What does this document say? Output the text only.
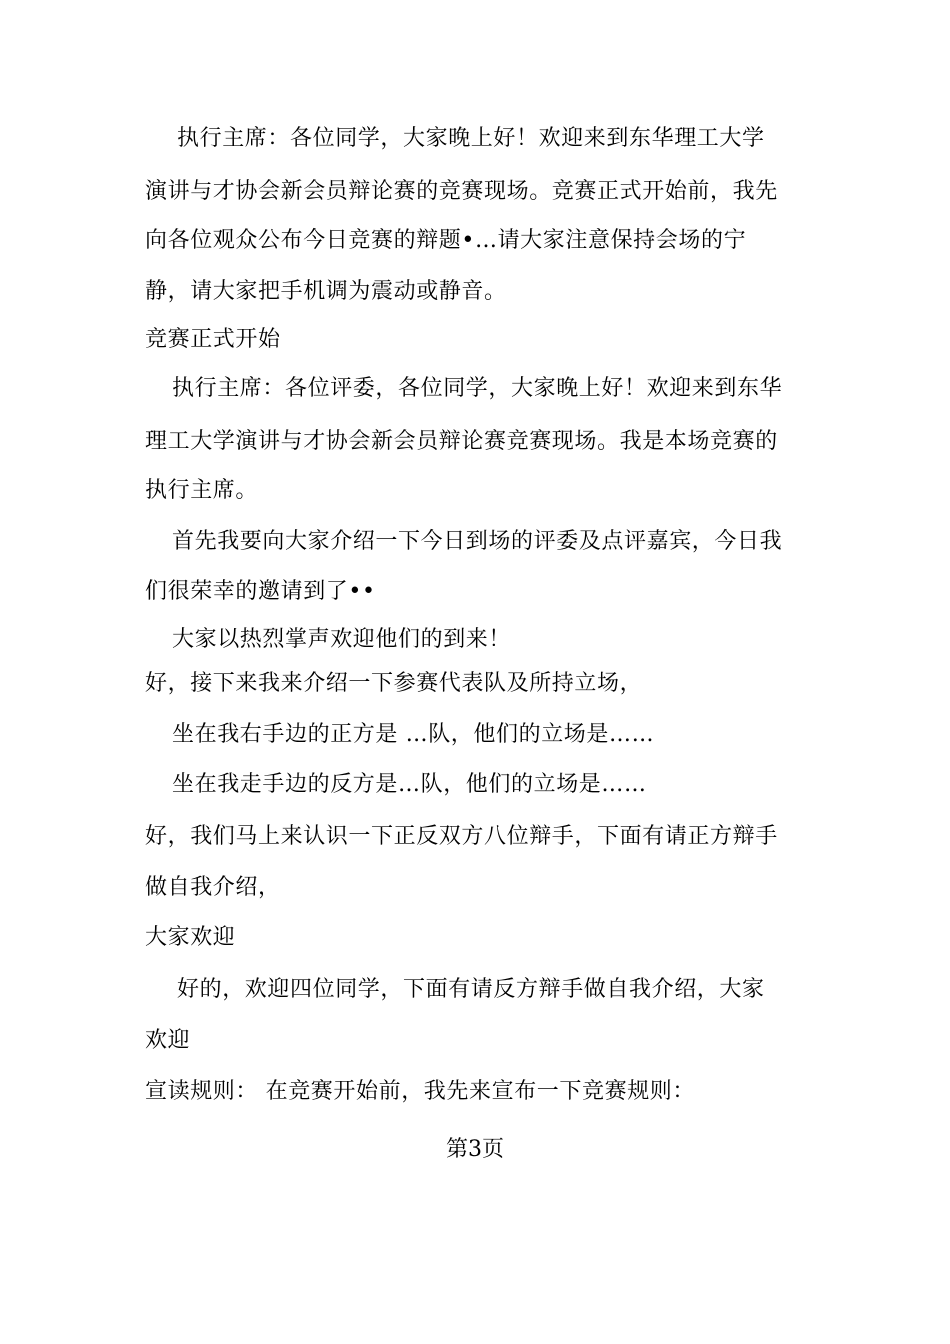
执行主席：各位同学，大家晚上好！欢迎来到东华理工大学
演讲与才协会新会员辩论赛的竞赛现场。竞赛正式开始前，我先
向各位观众公布今日竞赛的辩题•…请大家注意保持会场的宁
静，请大家把手机调为震动或静音。
竞赛正式开始
执行主席：各位评委，各位同学，大家晚上好！欢迎来到东华
理工大学演讲与才协会新会员辩论赛竞赛现场。我是本场竞赛的
执行主席。
首先我要向大家介绍一下今日到场的评委及点评嘉宾，今日我
们很荣幸的邀请到了••
大家以热烈掌声欢迎他们的到来！
好，接下来我来介绍一下参赛代表队及所持立场，
坐在我右手边的正方是 …队，他们的立场是……
坐在我走手边的反方是…队，他们的立场是……
好，我们马上来认识一下正反双方八位辩手，下面有请正方辩手
做自我介绍，
大家欢迎
好的，欢迎四位同学，下面有请反方辩手做自我介绍，大家
欢迎
宣读规则： 在竞赛开始前，我先来宣布一下竞赛规则：
第3页
